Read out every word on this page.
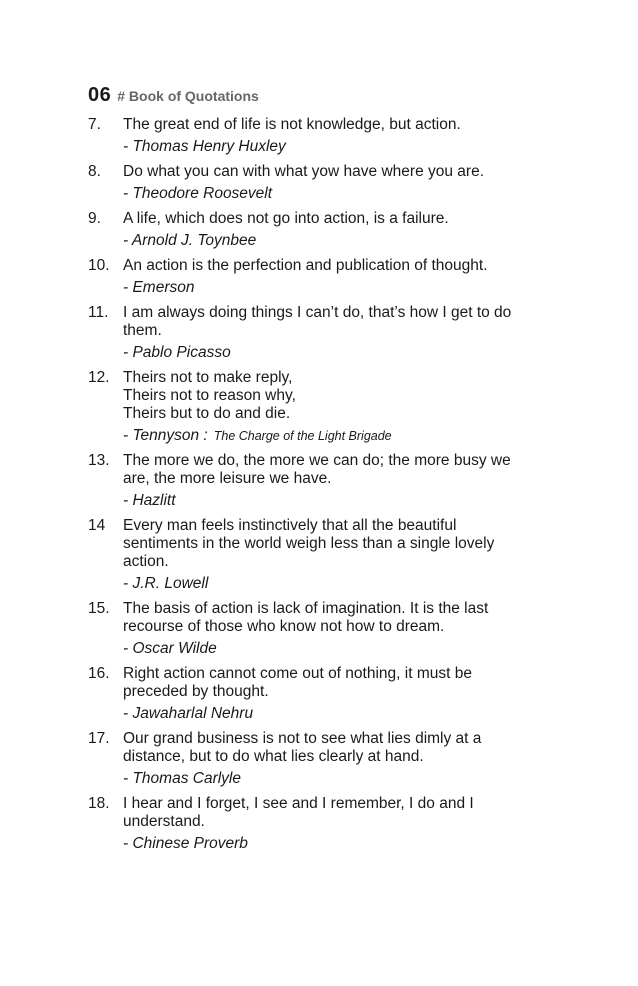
06 # Book of Quotations
7.	The great end of life is not knowledge, but action.
- Thomas Henry Huxley
8.	Do what you can with what yow have where you are.
- Theodore Roosevelt
9.	A life, which does not go into action, is a failure.
- Arnold J. Toynbee
10. An action is the perfection and publication of thought.
- Emerson
11. I am always doing things I can’t do, that’s how I get to do
them.
- Pablo Picasso
12. Theirs not to make reply,
Theirs not to reason why,
Theirs but to do and die.
- Tennyson : The Charge of the Light Brigade
13. The more we do, the more we can do; the more busy we
are, the more leisure we have.
- Hazlitt
14	Every man feels instinctively that all the beautiful
sentiments in the world weigh less than a single lovely
action.
- J.R. Lowell
15. The basis of action is lack of imagination. It is the last
recourse of those who know not how to dream.
- Oscar Wilde
16. Right action cannot come out of nothing, it must be
preceded by thought.
- Jawaharlal Nehru
17. Our grand business is not to see what lies dimly at a
distance, but to do what lies clearly at hand.
- Thomas Carlyle
18. I hear and I forget, I see and I remember, I do and I
understand.
- Chinese Proverb
